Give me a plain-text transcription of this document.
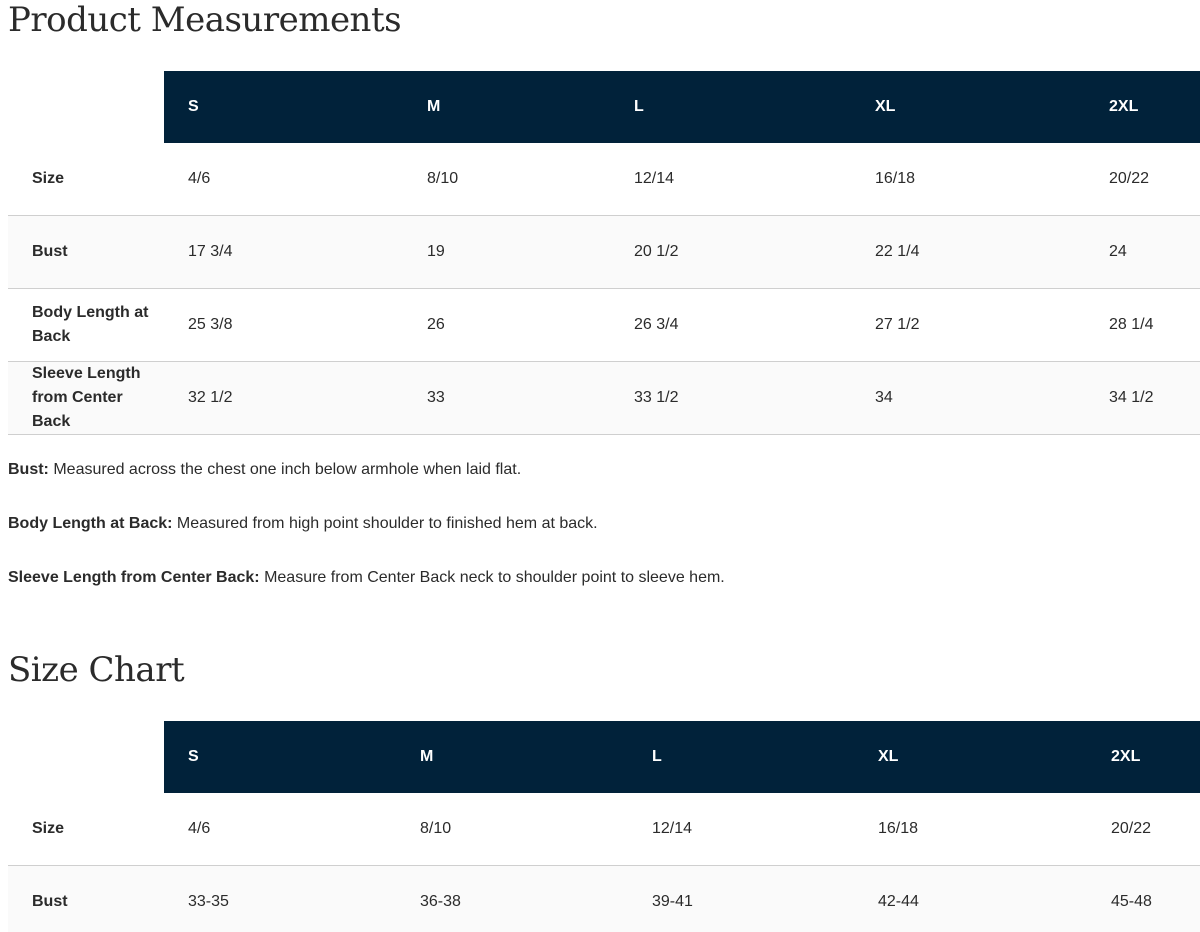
Product Measurements
	S	M	L	XL	2XL
Size	4/6	8/10	12/14	16/18	20/22
Bust	17 3/4	19	20 1/2	22 1/4	24
Body Length at Back	25 3/8	26	26 3/4	27 1/2	28 1/4
Sleeve Length from Center Back	32 1/2	33	33 1/2	34	34 1/2

Bust: Measured across the chest one inch below armhole when laid flat.

Body Length at Back: Measured from high point shoulder to finished hem at back.

Sleeve Length from Center Back: Measure from Center Back neck to shoulder point to sleeve hem.

Size Chart
	S	M	L	XL	2XL
Size	4/6	8/10	12/14	16/18	20/22
Bust	33-35	36-38	39-41	42-44	45-48
